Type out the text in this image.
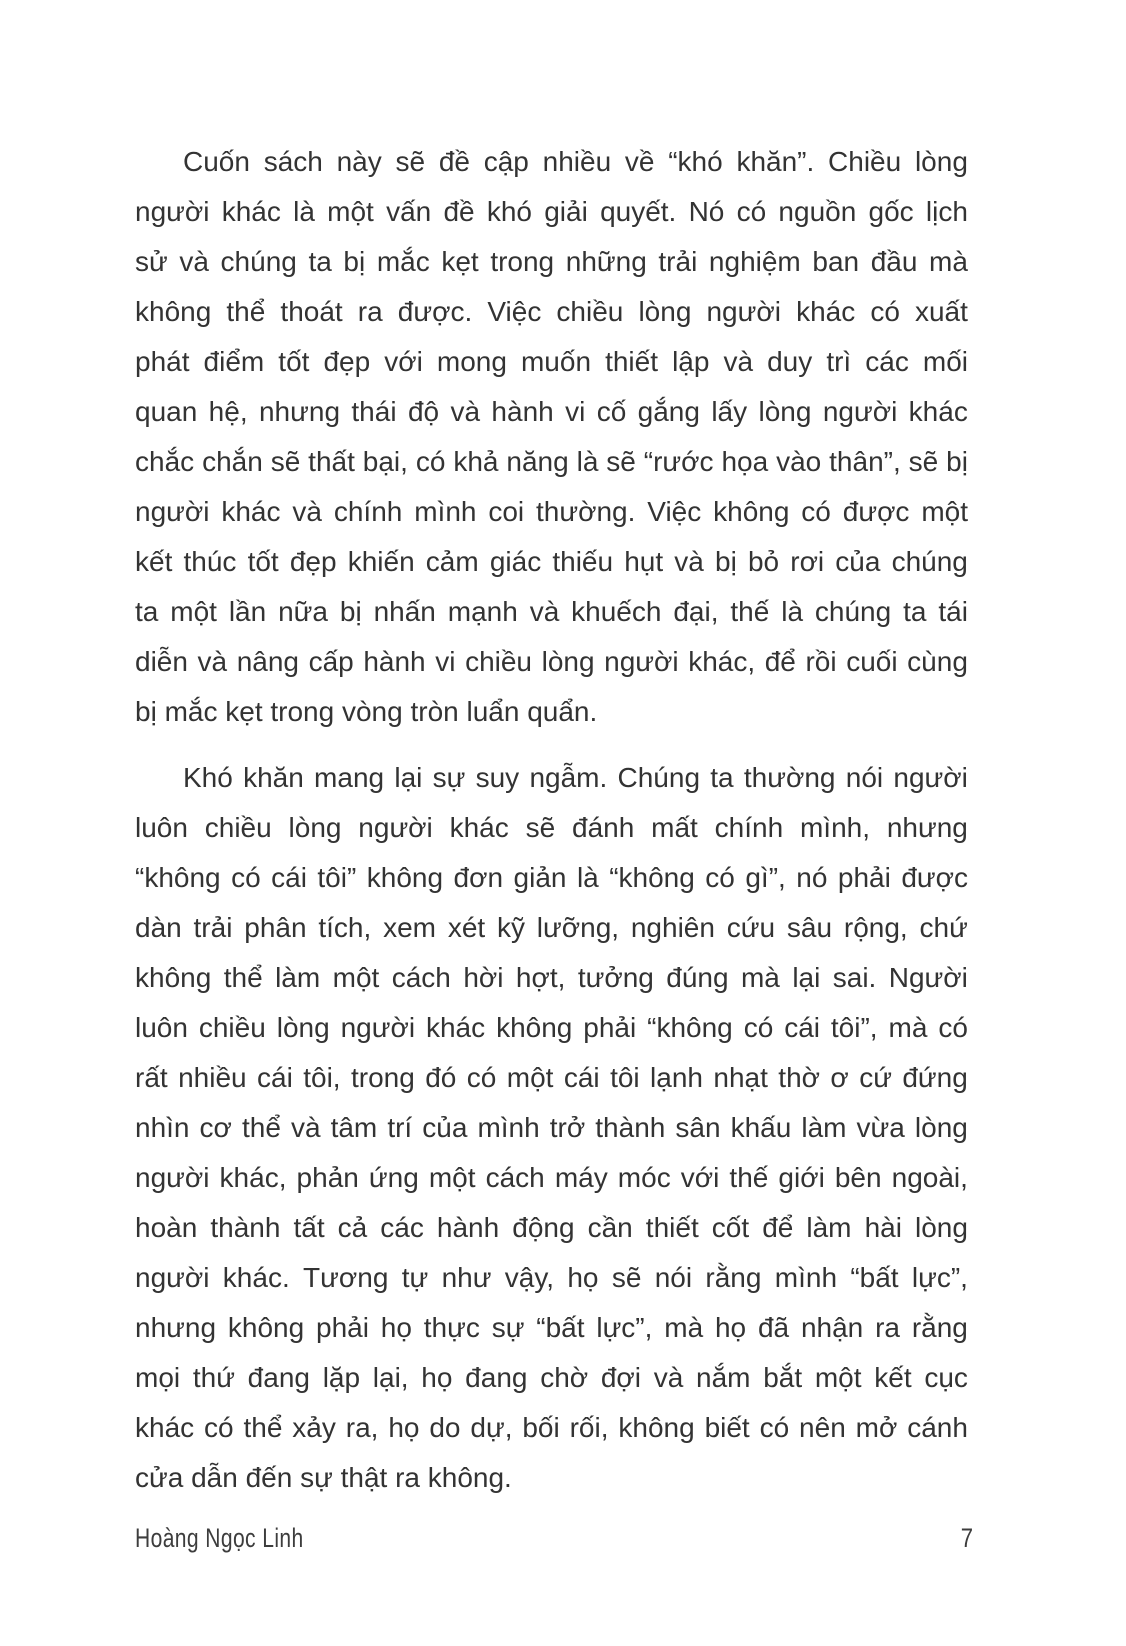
Cuốn sách này sẽ đề cập nhiều về “khó khăn”. Chiều lòng
người khác là một vấn đề khó giải quyết. Nó có nguồn gốc lịch
sử và chúng ta bị mắc kẹt trong những trải nghiệm ban đầu mà
không thể thoát ra được. Việc chiều lòng người khác có xuất
phát điểm tốt đẹp với mong muốn thiết lập và duy trì các mối
quan hệ, nhưng thái độ và hành vi cố gắng lấy lòng người khác
chắc chắn sẽ thất bại, có khả năng là sẽ “rước họa vào thân”, sẽ bị
người khác và chính mình coi thường. Việc không có được một
kết thúc tốt đẹp khiến cảm giác thiếu hụt và bị bỏ rơi của chúng
ta một lần nữa bị nhấn mạnh và khuếch đại, thế là chúng ta tái
diễn và nâng cấp hành vi chiều lòng người khác, để rồi cuối cùng
bị mắc kẹt trong vòng tròn luẩn quẩn.

Khó khăn mang lại sự suy ngẫm. Chúng ta thường nói người
luôn chiều lòng người khác sẽ đánh mất chính mình, nhưng
“không có cái tôi” không đơn giản là “không có gì”, nó phải được
dàn trải phân tích, xem xét kỹ lưỡng, nghiên cứu sâu rộng, chứ
không thể làm một cách hời hợt, tưởng đúng mà lại sai. Người
luôn chiều lòng người khác không phải “không có cái tôi”, mà có
rất nhiều cái tôi, trong đó có một cái tôi lạnh nhạt thờ ơ cứ đứng
nhìn cơ thể và tâm trí của mình trở thành sân khấu làm vừa lòng
người khác, phản ứng một cách máy móc với thế giới bên ngoài,
hoàn thành tất cả các hành động cần thiết cốt để làm hài lòng
người khác. Tương tự như vậy, họ sẽ nói rằng mình “bất lực”,
nhưng không phải họ thực sự “bất lực”, mà họ đã nhận ra rằng
mọi thứ đang lặp lại, họ đang chờ đợi và nắm bắt một kết cục
khác có thể xảy ra, họ do dự, bối rối, không biết có nên mở cánh
cửa dẫn đến sự thật ra không.

Hoàng Ngọc Linh	7
